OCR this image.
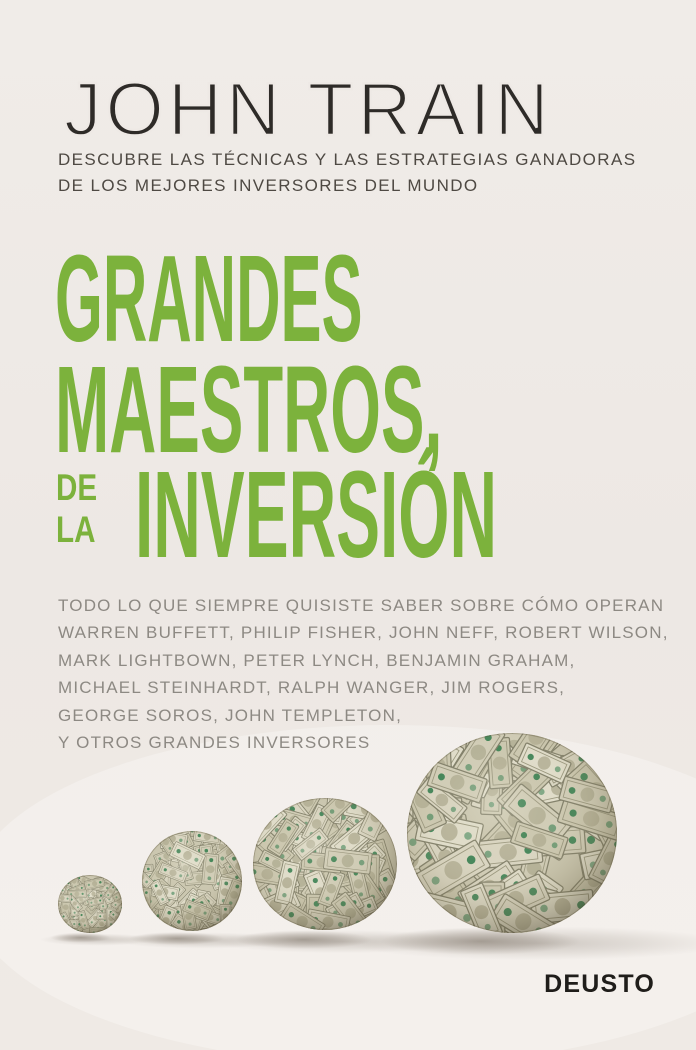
JOHN TRAIN
DESCUBRE LAS TÉCNICAS Y LAS ESTRATEGIAS GANADORAS
DE LOS MEJORES INVERSORES DEL MUNDO
GRANDES
MAESTROS,
DE
LA INVERSIÓN
TODO LO QUE SIEMPRE QUISISTE SABER SOBRE CÓMO OPERAN
WARREN BUFFETT, PHILIP FISHER, JOHN NEFF, ROBERT WILSON,
MARK LIGHTBOWN, PETER LYNCH, BENJAMIN GRAHAM,
MICHAEL STEINHARDT, RALPH WANGER, JIM ROGERS,
GEORGE SOROS, JOHN TEMPLETON,
Y OTROS GRANDES INVERSORES
DEUSTO
